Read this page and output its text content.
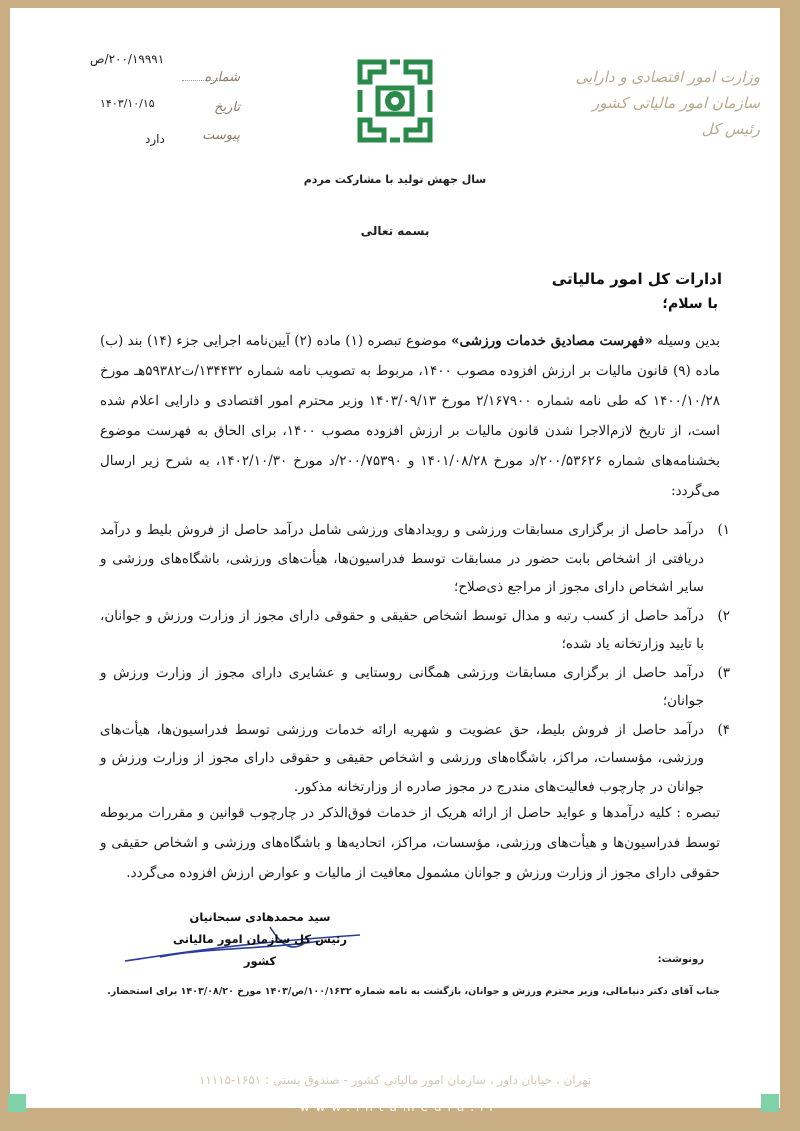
وزارت امور اقتصادی و دارایی
سازمان امور مالیاتی کشور
رئیس کل
۲۰۰/۱۹۹۹۱/ص
شماره
۱۴۰۳/۱۰/۱۵	تاریخ
دارد	پیوست
سال جهش تولید با مشارکت مردم
بسمه تعالی
ادارات کل امور مالیاتی
با سلام؛

بدین وسیله «فهرست مصادیق خدمات ورزشی» موضوع تبصره (۱) ماده (۲) آیین‌نامه اجرایی جزء (۱۴) بند (ب) ماده (۹) قانون مالیات بر ارزش افزوده مصوب ۱۴۰۰، مربوط به تصویب نامه شماره ۱۳۴۴۳۲/ت۵۹۳۸۲هـ مورخ ۱۴۰۰/۱۰/۲۸ که طی نامه شماره ۲/۱۶۷۹۰۰ مورخ ۱۴۰۳/۰۹/۱۳ وزیر محترم امور اقتصادی و دارایی اعلام شده است، از تاریخ لازم‌الاجرا شدن قانون مالیات بر ارزش افزوده مصوب ۱۴۰۰، برای الحاق به فهرست موضوع بخشنامه‌های شماره ۲۰۰/۵۳۶۲۶/د مورخ ۱۴۰۱/۰۸/۲۸ و ۲۰۰/۷۵۳۹۰/د مورخ ۱۴۰۲/۱۰/۳۰، به شرح زیر ارسال می‌گردد:

۱)
درآمد حاصل از برگزاری مسابقات ورزشی و رویدادهای ورزشی شامل درآمد حاصل از فروش بلیط و درآمد دریافتی از اشخاص بابت حضور در مسابقات توسط فدراسیون‌ها، هیأت‌های ورزشی، باشگاه‌های ورزشی و سایر اشخاص دارای مجوز از مراجع ذی‌صلاح؛
۲)
درآمد حاصل از کسب رتبه و مدال توسط اشخاص حقیقی و حقوقی دارای مجوز از وزارت ورزش و جوانان، با تایید وزارتخانه یاد شده؛
۳)
درآمد حاصل از برگزاری مسابقات ورزشی همگانی روستایی و عشایری دارای مجوز از وزارت ورزش و جوانان؛
۴)
درآمد حاصل از فروش بلیط، حق عضویت و شهریه ارائه خدمات ورزشی توسط فدراسیون‌ها، هیأت‌های ورزشی، مؤسسات، مراکز، باشگاه‌های ورزشی و اشخاص حقیقی و حقوقی دارای مجوز از وزارت ورزش و جوانان در چارچوب فعالیت‌های مندرج در مجوز صادره از وزارتخانه مذکور.
تبصره : کلیه درآمدها و عواید حاصل از ارائه هریک از خدمات فوق‌الذکر در چارچوب قوانین و مقررات مربوطه توسط فدراسیون‌ها و هیأت‌های ورزشی، مؤسسات، مراکز، اتحادیه‌ها و باشگاه‌های ورزشی و اشخاص حقیقی و حقوقی دارای مجوز از وزارت ورزش و جوانان مشمول معافیت از مالیات و عوارض ارزش افزوده می‌گردد.
سید محمدهادی سبحانیان
رئیس کل سازمان امور مالیاتی کشور	رونوشت:
جناب آقای دکتر دنیامالی، وزیر محترم ورزش و جوانان، بازگشت به نامه شماره ۱۰۰/۱۶۳۲/ص/۱۴۰۳ مورخ ۱۴۰۳/۰۸/۲۰ برای استحضار.
تهران ، خیابان داور ، سازمان امور مالیاتی کشور - صندوق پستی : ۱۶۵۱-۱۱۱۱۵
www.intamedia.ir
